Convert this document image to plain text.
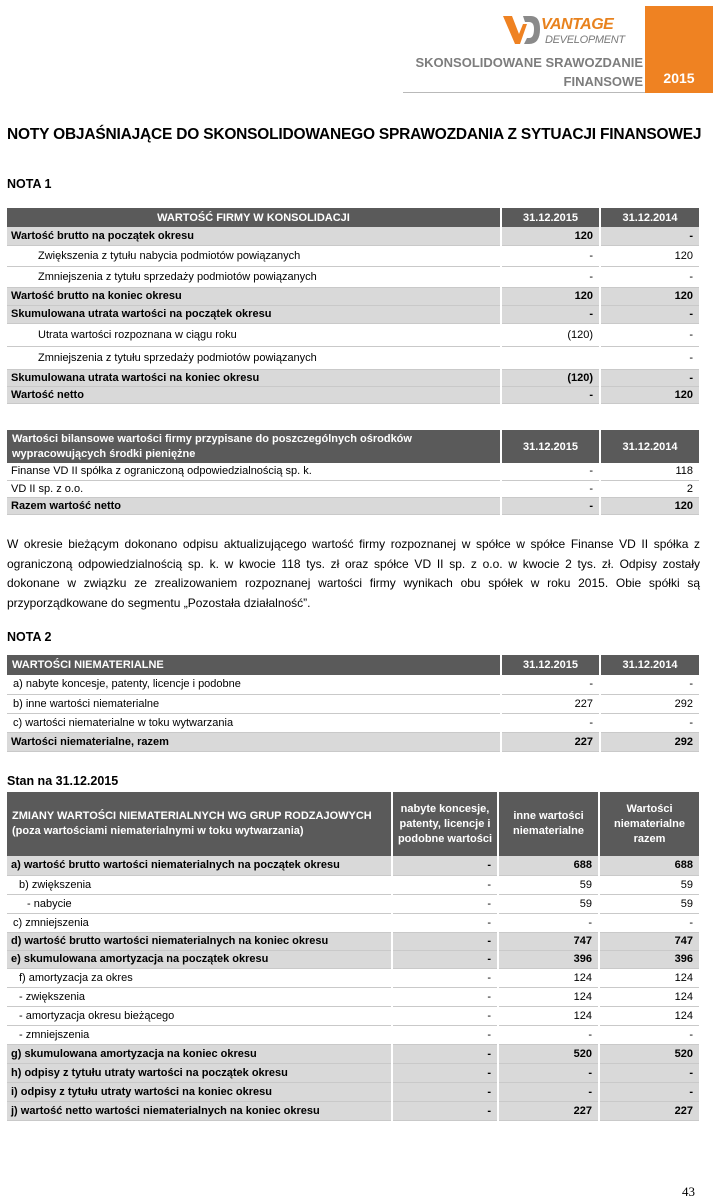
VANTAGE
DEVELOPMENT
SKONSOLIDOWANE SRAWOZDANIE
FINANSOWE	2015
NOTY OBJAŚNIAJĄCE DO SKONSOLIDOWANEGO SPRAWOZDANIA Z SYTUACJI FINANSOWEJ
NOTA 1
WARTOŚĆ FIRMY W KONSOLIDACJI	31.12.2015	31.12.2014
Wartość brutto na początek okresu	120	-
Zwiększenia z tytułu nabycia podmiotów powiązanych	-	120
Zmniejszenia z tytułu sprzedaży podmiotów powiązanych	-	-
Wartość brutto na koniec okresu	120	120
Skumulowana utrata wartości na początek okresu	-	-
Utrata wartości rozpoznana w ciągu roku	(120)	-
Zmniejszenia z tytułu sprzedaży podmiotów powiązanych		-
Skumulowana utrata wartości na koniec okresu	(120)	-
Wartość netto	-	120
Wartości bilansowe wartości firmy przypisane do poszczególnych ośrodków wypracowujących środki pieniężne	31.12.2015	31.12.2014
Finanse VD II spółka z ograniczoną odpowiedzialnością sp. k.	-	118
VD II sp. z o.o.	-	2
Razem wartość netto	-	120
W okresie bieżącym dokonano odpisu aktualizującego wartość firmy rozpoznanej w spółce w spółce Finanse VD II spółka z ograniczoną odpowiedzialnością sp. k. w kwocie 118 tys. zł oraz spółce VD II sp. z o.o. w kwocie 2 tys. zł. Odpisy zostały dokonane w związku ze zrealizowaniem rozpoznanej wartości firmy wynikach obu spółek w roku 2015. Obie spółki są przyporządkowane do segmentu „Pozostała działalność”.
NOTA 2
WARTOŚCI NIEMATERIALNE	31.12.2015	31.12.2014
a) nabyte koncesje, patenty, licencje i podobne	-	-
b) inne wartości niematerialne	227	292
c) wartości niematerialne w toku wytwarzania	-	-
Wartości niematerialne, razem	227	292
Stan na 31.12.2015
ZMIANY WARTOŚCI NIEMATERIALNYCH WG GRUP RODZAJOWYCH
(poza wartościami niematerialnymi w toku wytwarzania)	nabyte koncesje, patenty, licencje i podobne wartości	inne wartości niematerialne	Wartości niematerialne razem
a) wartość brutto wartości niematerialnych na początek okresu	-	688	688
b) zwiększenia	-	59	59
- nabycie	-	59	59
c) zmniejszenia	-	-	-
d) wartość brutto wartości niematerialnych na koniec okresu	-	747	747
e) skumulowana amortyzacja na początek okresu	-	396	396
f) amortyzacja za okres	-	124	124
- zwiększenia	-	124	124
- amortyzacja okresu bieżącego	-	124	124
- zmniejszenia	-	-	-
g) skumulowana amortyzacja na koniec okresu	-	520	520
h) odpisy z tytułu utraty wartości na początek okresu	-	-	-
i) odpisy z tytułu utraty wartości na koniec okresu	-	-	-
j) wartość netto wartości niematerialnych na koniec okresu	-	227	227
43
